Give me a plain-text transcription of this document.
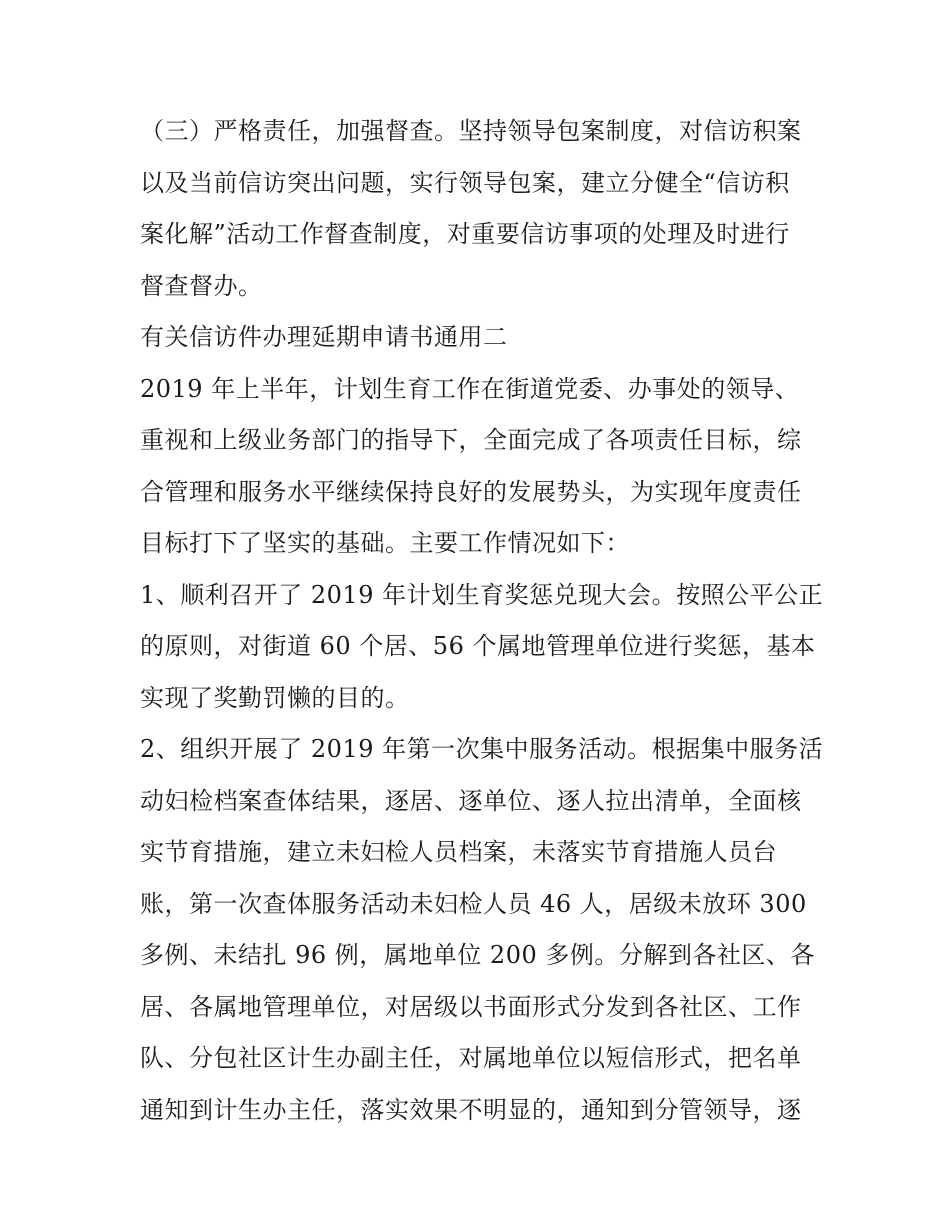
（三）严格责任，加强督查。坚持领导包案制度，对信访积案
以及当前信访突出问题，实行领导包案，建立分健全“信访积
案化解”活动工作督查制度，对重要信访事项的处理及时进行
督查督办。
有关信访件办理延期申请书通用二
2019 年上半年，计划生育工作在街道党委、办事处的领导、
重视和上级业务部门的指导下，全面完成了各项责任目标，综
合管理和服务水平继续保持良好的发展势头，为实现年度责任
目标打下了坚实的基础。主要工作情况如下：
1、顺利召开了 2019 年计划生育奖惩兑现大会。按照公平公正
的原则，对街道 60 个居、56 个属地管理单位进行奖惩，基本
实现了奖勤罚懒的目的。
2、组织开展了 2019 年第一次集中服务活动。根据集中服务活
动妇检档案查体结果，逐居、逐单位、逐人拉出清单，全面核
实节育措施，建立未妇检人员档案，未落实节育措施人员台
账，第一次查体服务活动未妇检人员 46 人，居级未放环 300
多例、未结扎 96 例，属地单位 200 多例。分解到各社区、各
居、各属地管理单位，对居级以书面形式分发到各社区、工作
队、分包社区计生办副主任，对属地单位以短信形式，把名单
通知到计生办主任，落实效果不明显的，通知到分管领导，逐
